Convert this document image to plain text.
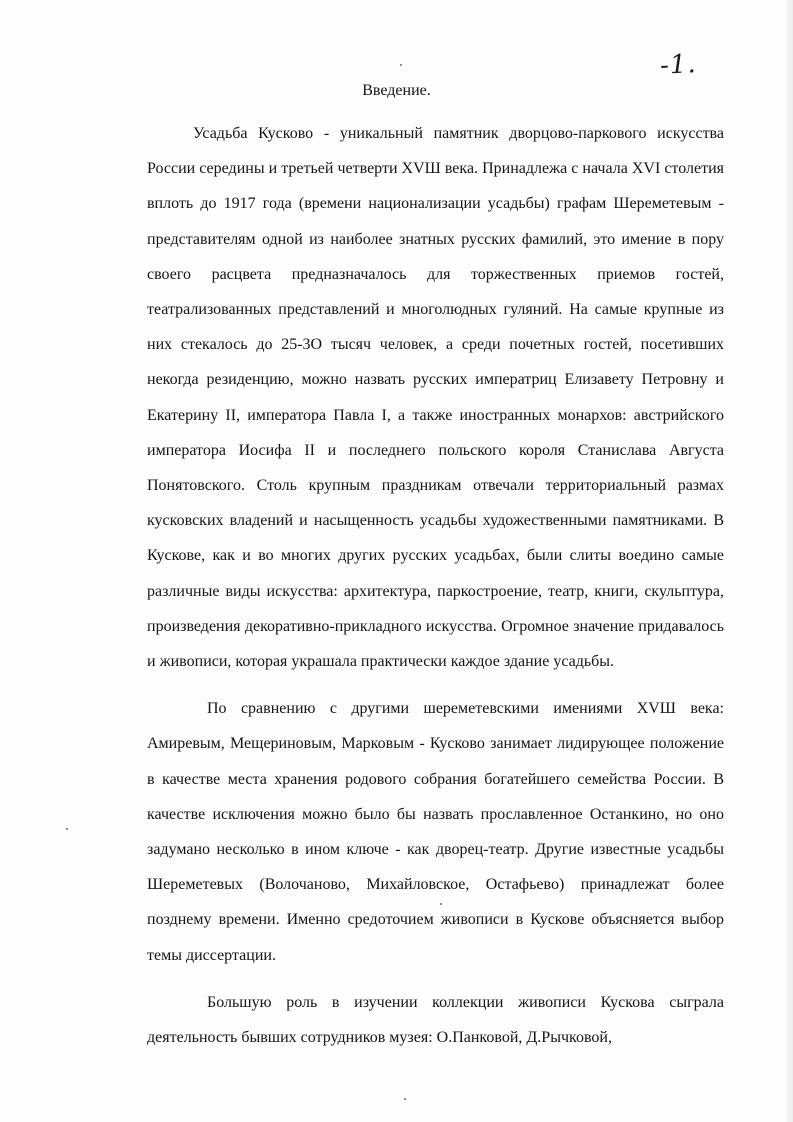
-1.
Введение.

Усадьба Кусково - уникальный памятник дворцово-паркового искусства России середины и третьей четверти XVШ века. Принадлежа с начала XVI столетия вплоть до 1917 года (времени национализации усадьбы) графам Шереметевым - представителям одной из наиболее знатных русских фамилий, это имение в пору своего расцвета предназначалось для торжественных приемов гостей, театрализованных представлений и многолюдных гуляний. На самые крупные из них стекалось до 25-3О тысяч человек, а среди почетных гостей, посетивших некогда резиденцию, можно назвать русских императриц Елизавету Петровну и Екатерину II, императора Павла I, а также иностранных монархов: австрийского императора Иосифа II и последнего польского короля Станислава Августа Понятовского. Столь крупным праздникам отвечали территориальный размах кусковских владений и насыщенность усадьбы художественными памятниками. В Кускове, как и во многих других русских усадьбах, были слиты воедино самые различные виды искусства: архитектура, паркостроение, театр, книги, скульптура, произведения декоративно-прикладного искусства. Огромное значение придавалось и живописи, которая украшала практически каждое здание усадьбы.

По сравнению с другими шереметевскими имениями XVШ века: Амиревым, Мещериновым, Марковым - Кусково занимает лидирующее положение в качестве места хранения родового собрания богатейшего семейства России. В качестве исключения можно было бы назвать прославленное Останкино, но оно задумано несколько в ином ключе - как дворец-театр. Другие известные усадьбы Шереметевых (Волочаново, Михайловское, Остафьево) принадлежат более позднему времени. Именно средоточием живописи в Кускове объясняется выбор темы диссертации.

Большую роль в изучении коллекции живописи Кускова сыграла деятельность бывших сотрудников музея: О.Панковой, Д.Рычковой,
